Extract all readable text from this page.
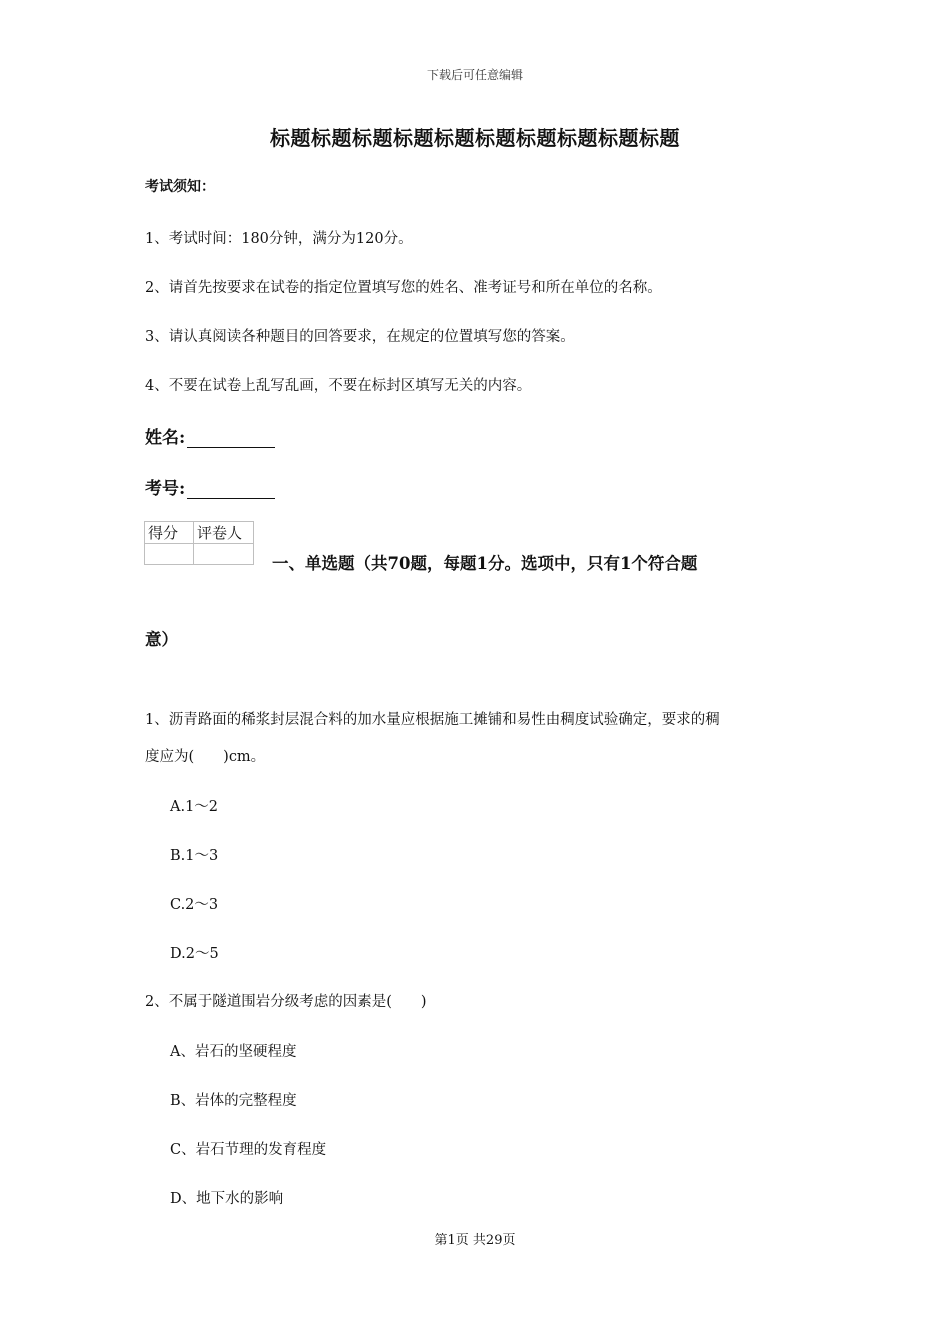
下载后可任意编辑
标题标题标题标题标题标题标题标题标题标题
考试须知：
1、考试时间：180分钟，满分为120分。
2、请首先按要求在试卷的指定位置填写您的姓名、准考证号和所在单位的名称。
3、请认真阅读各种题目的回答要求，在规定的位置填写您的答案。
4、不要在试卷上乱写乱画，不要在标封区填写无关的内容。
姓名:
考号:
得分	评卷人

一、单选题（共70题，每题1分。选项中，只有1个符合题
意）
1、沥青路面的稀浆封层混合料的加水量应根据施工摊铺和易性由稠度试验确定，要求的稠
度应为(　　)cm。
A.1～2
B.1～3
C.2～3
D.2～5
2、不属于隧道围岩分级考虑的因素是(　　)
A、岩石的坚硬程度
B、岩体的完整程度
C、岩石节理的发育程度
D、地下水的影响
第1页 共29页
